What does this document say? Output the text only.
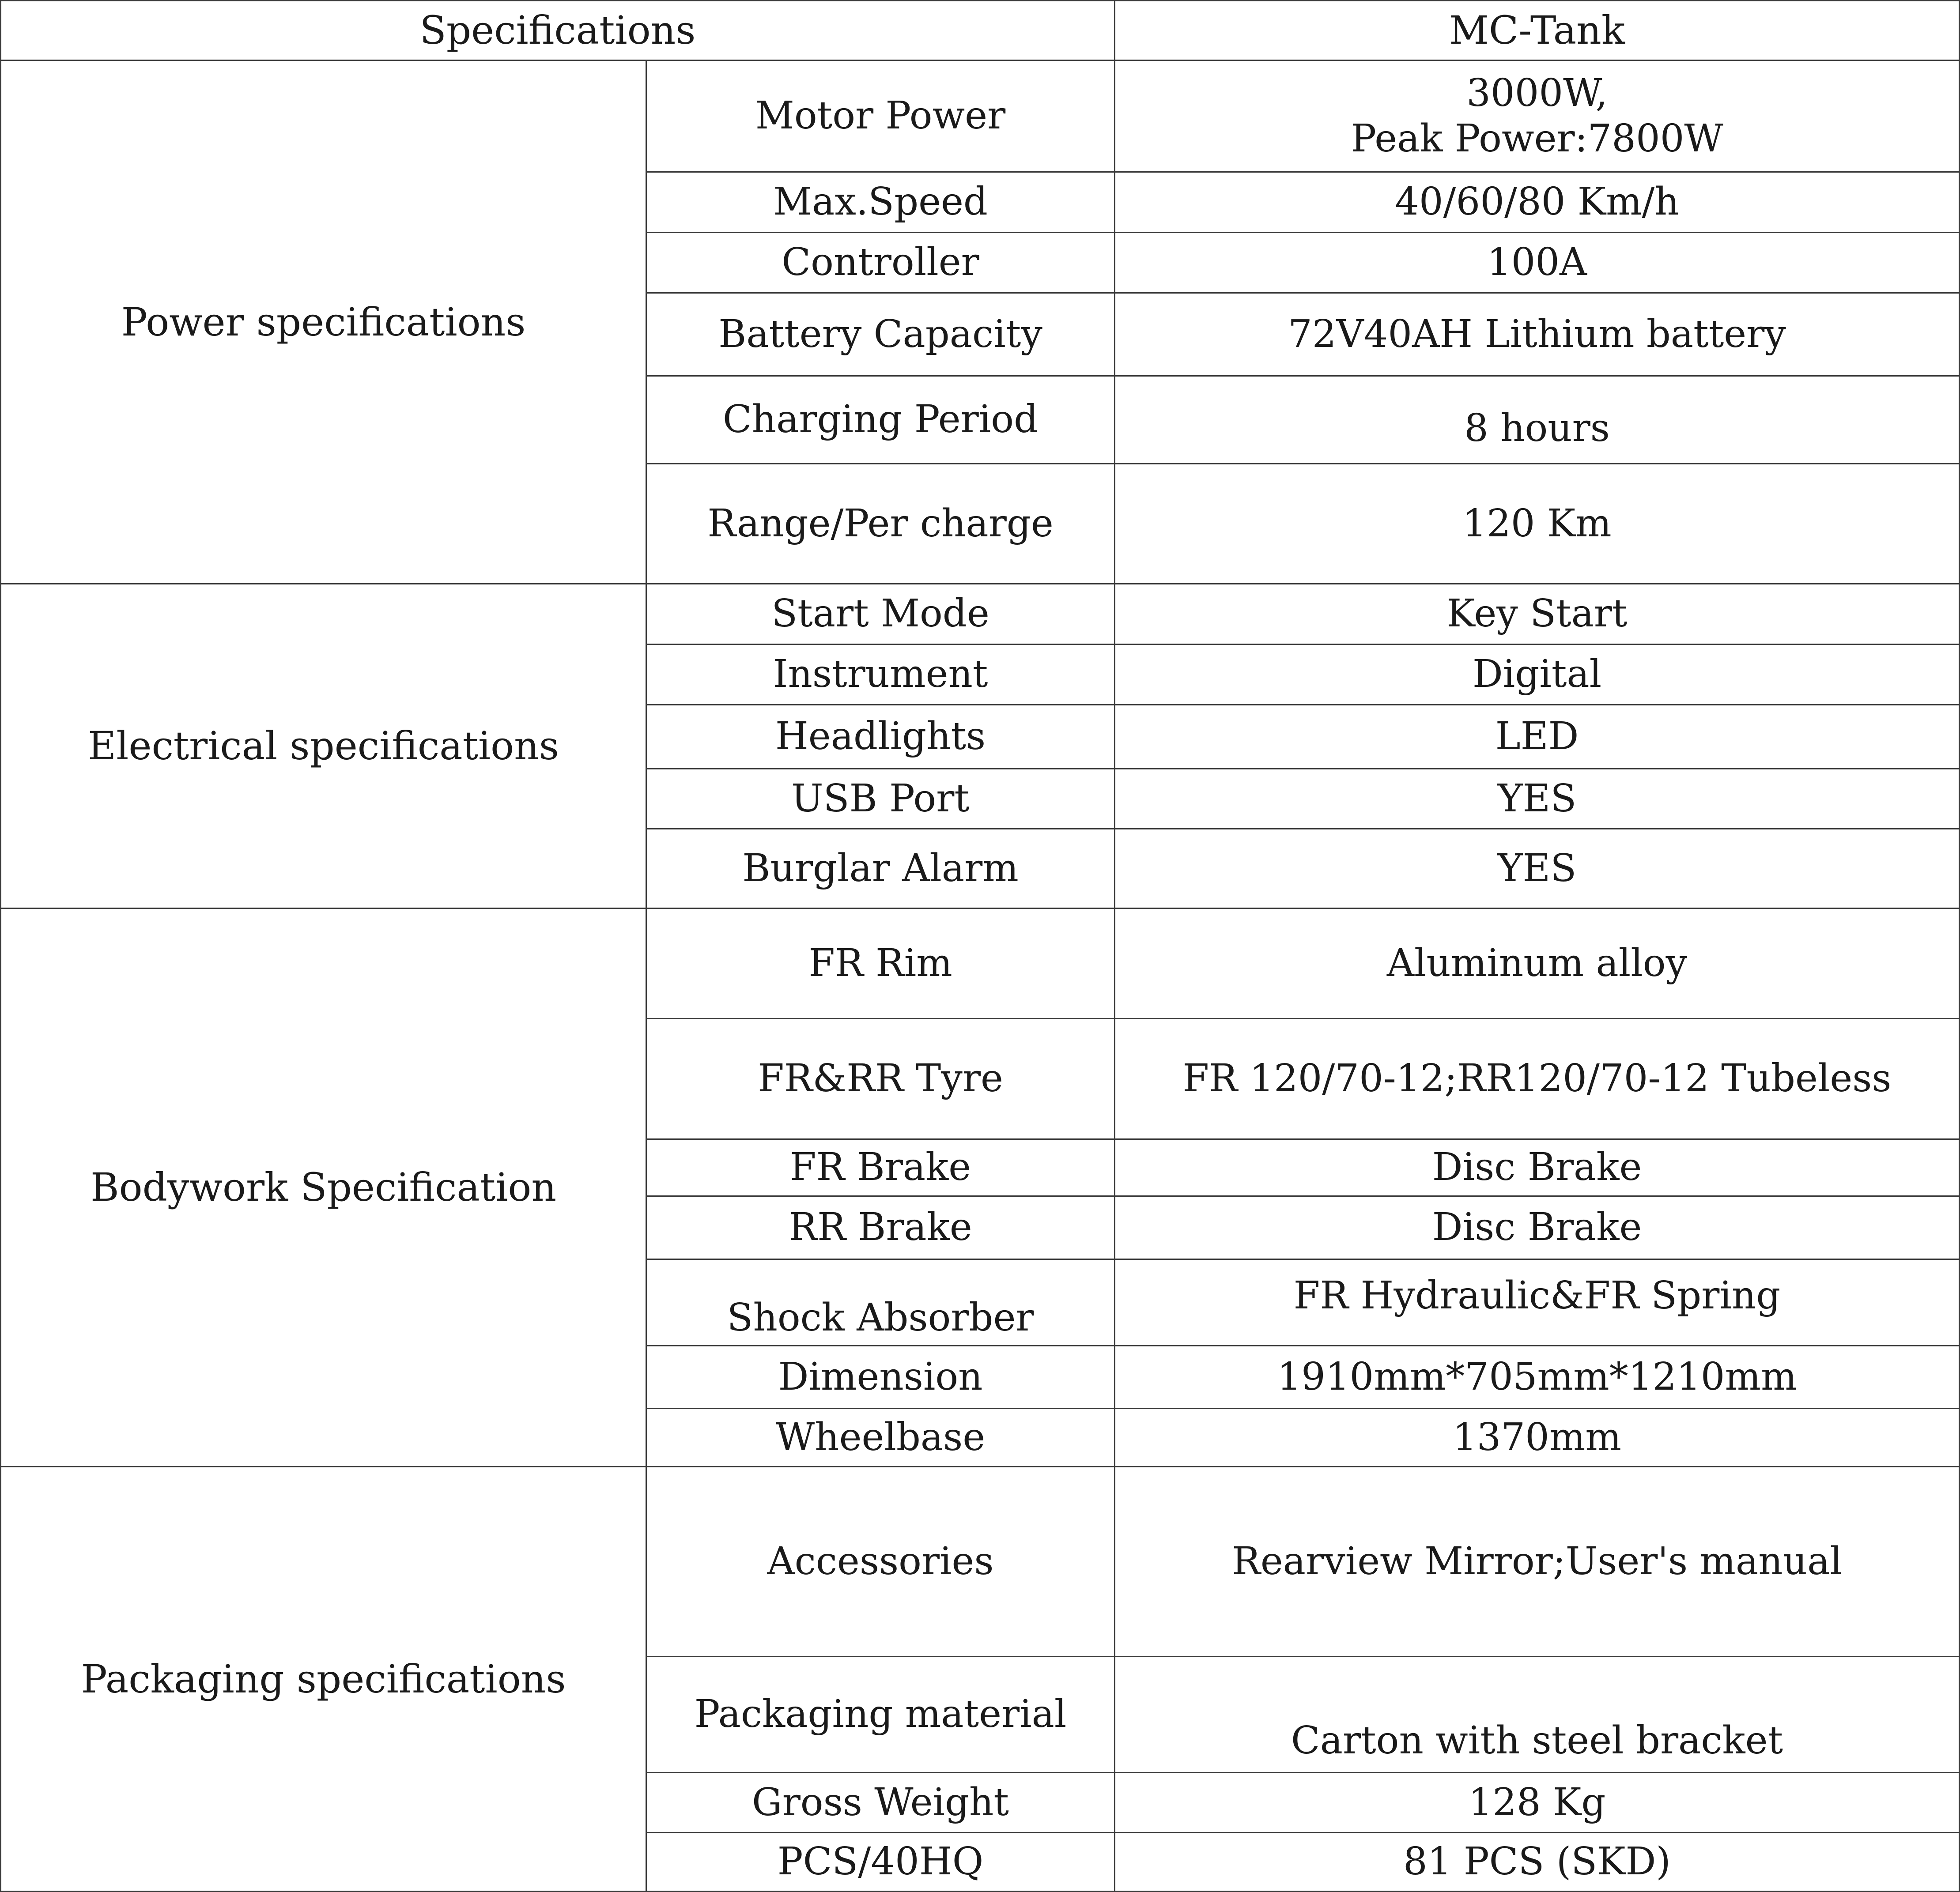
Specifications		MC-Tank
Power specifications	Motor Power	3000W,
Peak Power:7800W

	Max.Speed	40/60/80 Km/h
	Controller	100A
	Battery Capacity	72V40AH Lithium battery
	Charging Period	8 hours
	Range/Per charge	120 Km
Electrical specifications	Start Mode	Key Start
	Instrument	Digital
	Headlights	LED
	USB Port	YES
	Burglar Alarm	YES
Bodywork Specification	FR Rim	Aluminum alloy
	FR&RR Tyre	FR 120/70-12;RR120/70-12 Tubeless
	FR Brake	Disc Brake
	RR Brake	Disc Brake
	Shock Absorber	FR Hydraulic&FR Spring
	Dimension	1910mm*705mm*1210mm
	Wheelbase	1370mm
Packaging specifications	Accessories	Rearview Mirror;User's manual
	Packaging material	Carton with steel bracket
	Gross Weight	128 Kg
	PCS/40HQ	81 PCS (SKD)
